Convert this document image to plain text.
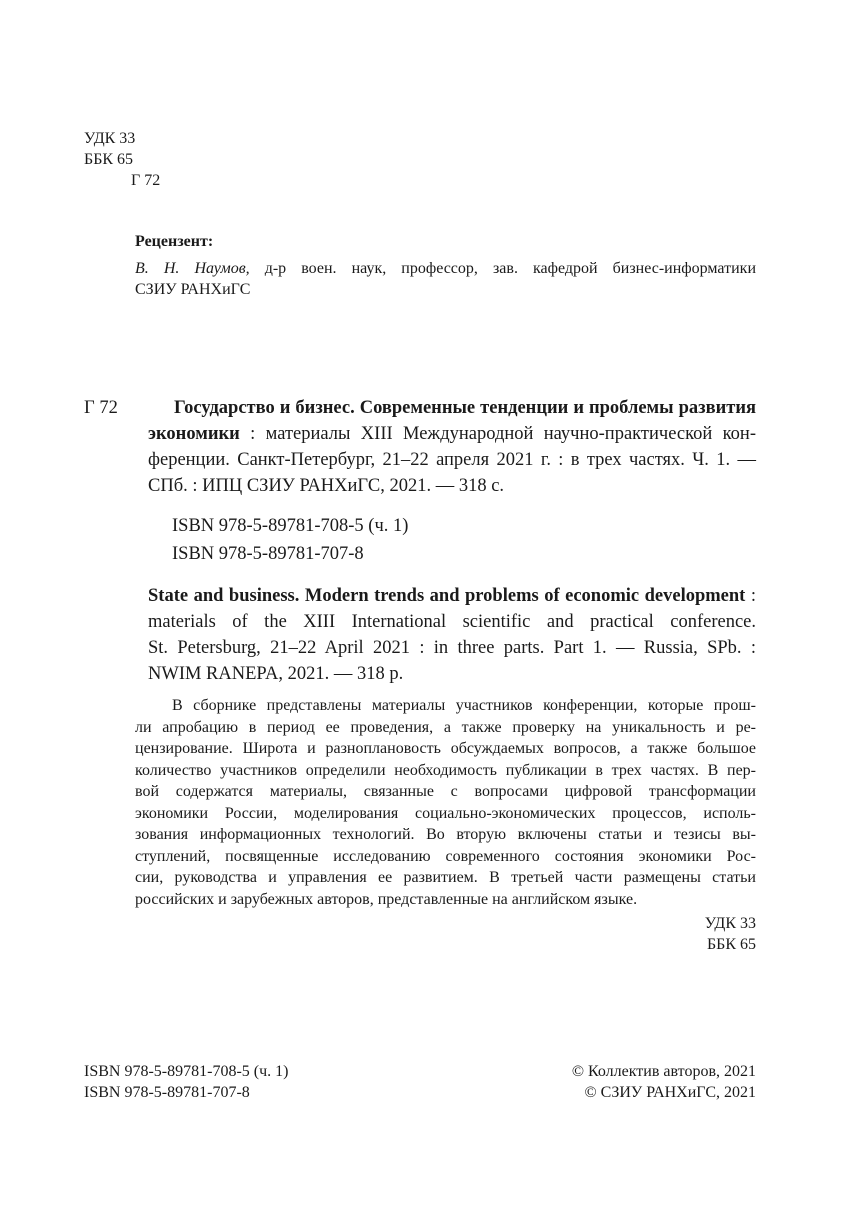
УДК 33
ББК 65
Г 72
Рецензент:
В. Н. Наумов, д-р воен. наук, профессор, зав. кафедрой бизнес-информатики
СЗИУ РАНХиГС
Г 72	Государство и бизнес. Современные тенденции и проблемы развития
экономики : материалы XIII Международной научно-практической кон-
ференции. Санкт-Петербург, 21–22 апреля 2021 г. : в трех частях. Ч. 1. —
СПб. : ИПЦ СЗИУ РАНХиГС, 2021. — 318 с.
ISBN 978-5-89781-708-5 (ч. 1)
ISBN 978-5-89781-707-8
State and business. Modern trends and problems of economic development :
materials of the XIII International scientific and practical conference.
St. Petersburg, 21–22 April 2021 : in three parts. Part 1. — Russia, SPb. :
NWIM RANEPA, 2021. — 318 p.
В сборнике представлены материалы участников конференции, которые прош-
ли апробацию в период ее проведения, а также проверку на уникальность и ре-
цензирование. Широта и разноплановость обсуждаемых вопросов, а также большое
количество участников определили необходимость публикации в трех частях. В пер-
вой содержатся материалы, связанные с вопросами цифровой трансформации
экономики России, моделирования социально-экономических процессов, исполь-
зования информационных технологий. Во вторую включены статьи и тезисы вы-
ступлений, посвященные исследованию современного состояния экономики Рос-
сии, руководства и управления ее развитием. В третьей части размещены статьи
российских и зарубежных авторов, представленные на английском языке.
УДК 33
ББК 65
ISBN 978-5-89781-708-5 (ч. 1)
ISBN 978-5-89781-707-8
© Коллектив авторов, 2021
© СЗИУ РАНХиГС, 2021
